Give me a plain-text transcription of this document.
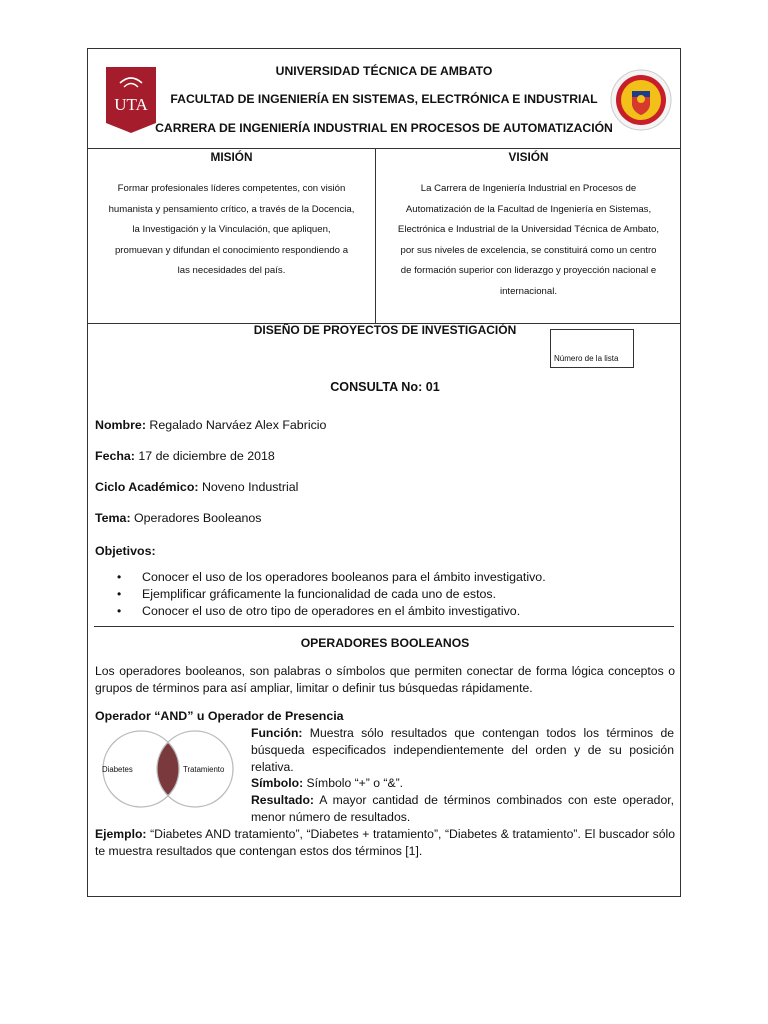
UTA
UNIVERSIDAD TÉCNICA DE AMBATO
FACULTAD DE INGENIERÍA EN SISTEMAS, ELECTRÓNICA E INDUSTRIAL
CARRERA DE INGENIERÍA INDUSTRIAL EN PROCESOS DE AUTOMATIZACIÓN
MISIÓN	VISIÓN
Formar profesionales líderes competentes, con visión
humanista y pensamiento crítico, a través de la Docencia,
la Investigación y la Vinculación, que apliquen,
promuevan y difundan el conocimiento respondiendo a
las necesidades del país.
La Carrera de Ingeniería Industrial en Procesos de
Automatización de la Facultad de Ingeniería en Sistemas,
Electrónica e Industrial de la Universidad Técnica de Ambato,
por sus niveles de excelencia, se constituirá como un centro
de formación superior con liderazgo y proyección nacional e
internacional.
DISEÑO DE PROYECTOS DE INVESTIGACIÓN
Número de la lista
CONSULTA No: 01
Nombre: Regalado Narváez Alex Fabricio
Fecha: 17 de diciembre de 2018
Ciclo Académico: Noveno Industrial
Tema: Operadores Booleanos
Objetivos:
• Conocer el uso de los operadores booleanos para el ámbito investigativo.
• Ejemplificar gráficamente la funcionalidad de cada uno de estos.
• Conocer el uso de otro tipo de operadores en el ámbito investigativo.
OPERADORES BOOLEANOS
Los operadores booleanos, son palabras o símbolos que permiten conectar de forma lógica conceptos o grupos de términos para así ampliar, limitar o definir tus búsquedas rápidamente.
Operador “AND” u Operador de Presencia
Diabetes	Tratamiento
Función: Muestra sólo resultados que contengan todos los términos de búsqueda especificados independientemente del orden y de su posición relativa.
Símbolo: Símbolo “+” o “&”.
Resultado: A mayor cantidad de términos combinados con este operador, menor número de resultados.
Ejemplo: “Diabetes AND tratamiento”, “Diabetes + tratamiento”, “Diabetes & tratamiento”. El buscador sólo te muestra resultados que contengan estos dos términos [1].
